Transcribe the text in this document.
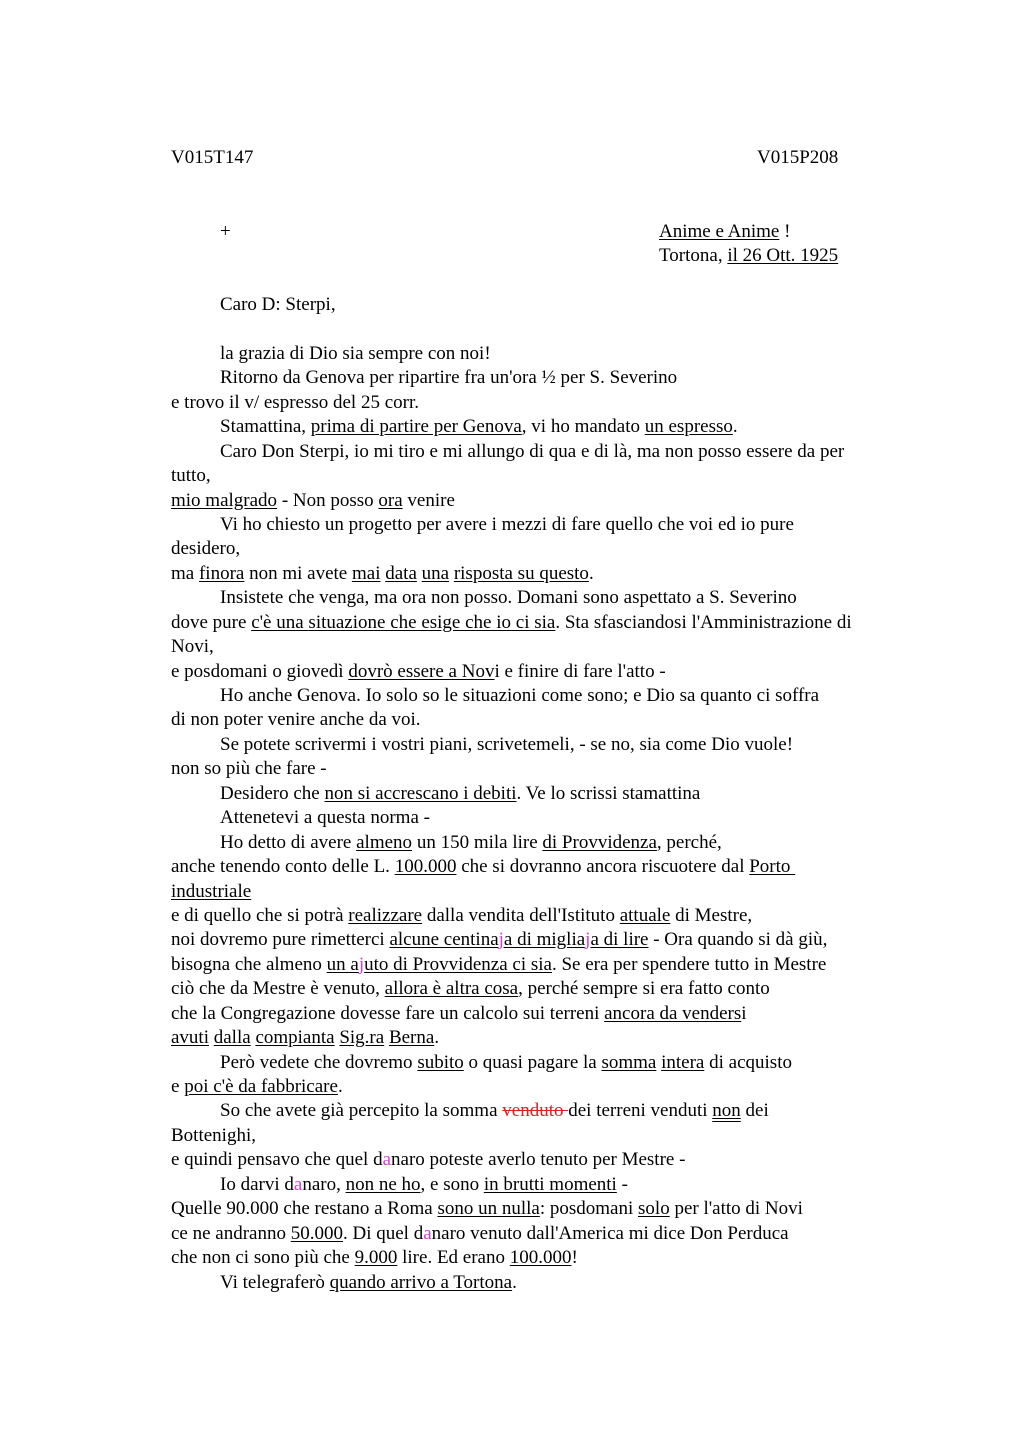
V015T147	V015P208
+	Anime e Anime !
Tortona, il 26 Ott. 1925
Caro D: Sterpi,
la grazia di Dio sia sempre con noi!
Ritorno da Genova per ripartire fra un'ora ½ per S. Severino
e trovo il v/ espresso del 25 corr.
Stamattina, prima di partire per Genova, vi ho mandato un espresso.
Caro Don Sterpi, io mi tiro e mi allungo di qua e di là, ma non posso essere da per
tutto,
mio malgrado - Non posso ora venire
Vi ho chiesto un progetto per avere i mezzi di fare quello che voi ed io pure
desidero,
ma finora non mi avete mai data una risposta su questo.
Insistete che venga, ma ora non posso. Domani sono aspettato a S. Severino
dove pure c'è una situazione che esige che io ci sia. Sta sfasciandosi l'Amministrazione di
Novi,
e posdomani o giovedì dovrò essere a Novi e finire di fare l'atto -
Ho anche Genova. Io solo so le situazioni come sono; e Dio sa quanto ci soffra
di non poter venire anche da voi.
Se potete scrivermi i vostri piani, scrivetemeli, - se no, sia come Dio vuole!
non so più che fare -
Desidero che non si accrescano i debiti. Ve lo scrissi stamattina
Attenetevi a questa norma -
Ho detto di avere almeno un 150 mila lire di Provvidenza, perché,
anche tenendo conto delle L. 100.000 che si dovranno ancora riscuotere dal Porto
industriale
e di quello che si potrà realizzare dalla vendita dell'Istituto attuale di Mestre,
noi dovremo pure rimetterci alcune centinaja di migliaja di lire - Ora quando si dà giù,
bisogna che almeno un ajuto di Provvidenza ci sia. Se era per spendere tutto in Mestre
ciò che da Mestre è venuto, allora è altra cosa, perché sempre si era fatto conto
che la Congregazione dovesse fare un calcolo sui terreni ancora da vendersi
avuti dalla compianta Sig.ra Berna.
Però vedete che dovremo subito o quasi pagare la somma intera di acquisto
e poi c'è da fabbricare.
So che avete già percepito la somma venduto dei terreni venduti non dei
Bottenighi,
e quindi pensavo che quel danaro poteste averlo tenuto per Mestre -
Io darvi danaro, non ne ho, e sono in brutti momenti -
Quelle 90.000 che restano a Roma sono un nulla: posdomani solo per l'atto di Novi
ce ne andranno 50.000. Di quel danaro venuto dall'America mi dice Don Perduca
che non ci sono più che 9.000 lire. Ed erano 100.000!
Vi telegraferò quando arrivo a Tortona.
